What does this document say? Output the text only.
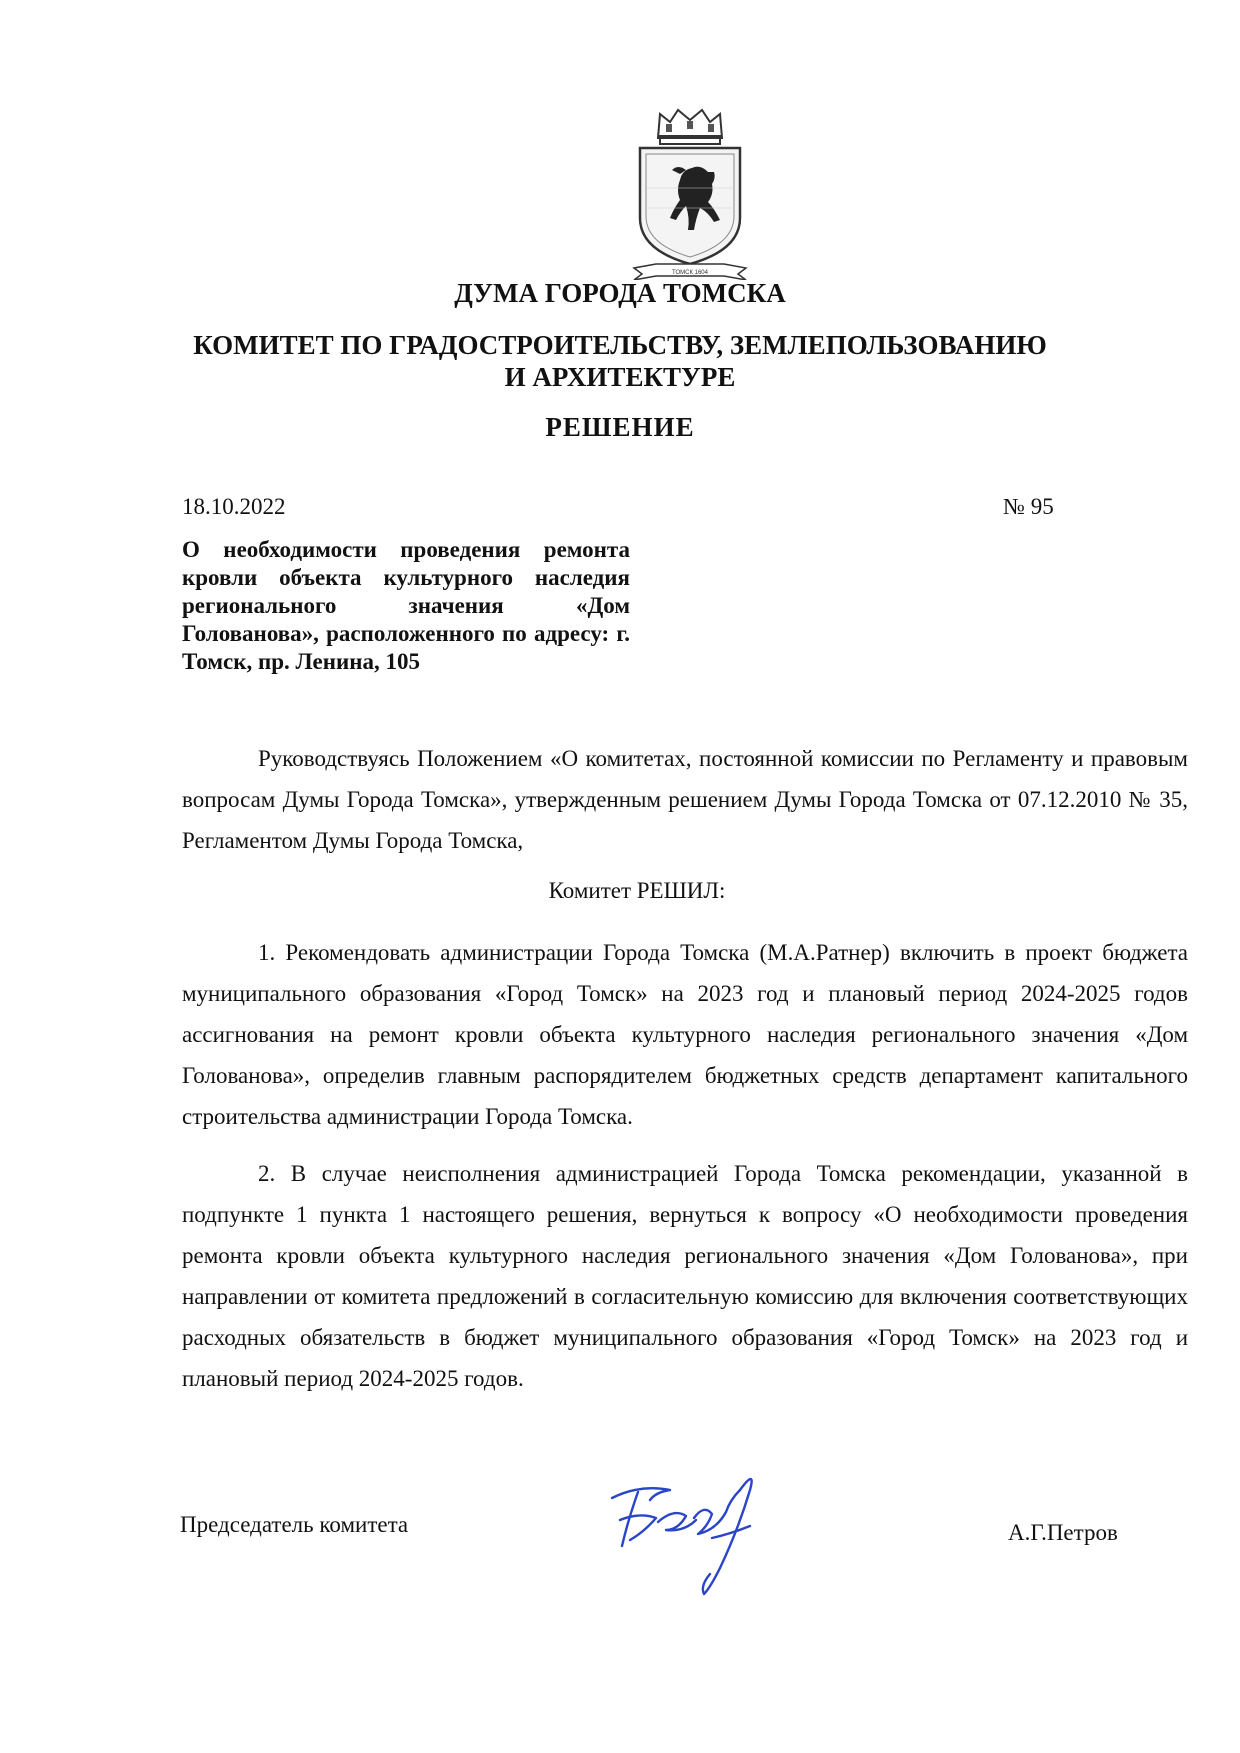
ТОМСК 1604
ДУМА ГОРОДА ТОМСКА
КОМИТЕТ ПО ГРАДОСТРОИТЕЛЬСТВУ, ЗЕМЛЕПОЛЬЗОВАНИЮ
И АРХИТЕКТУРЕ
РЕШЕНИЕ
18.10.2022	№ 95
О необходимости проведения ремонта кровли объекта культурного наследия регионального значения «Дом Голованова», расположенного по адресу: г. Томск, пр. Ленина, 105
Руководствуясь Положением «О комитетах, постоянной комиссии по Регламенту и правовым вопросам Думы Города Томска», утвержденным решением Думы Города Томска от 07.12.2010 № 35, Регламентом Думы Города Томска,
Комитет РЕШИЛ:
1. Рекомендовать администрации Города Томска (М.А.Ратнер) включить в проект бюджета муниципального образования «Город Томск» на 2023 год и плановый период 2024-2025 годов ассигнования на ремонт кровли объекта культурного наследия регионального значения «Дом Голованова», определив главным распорядителем бюджетных средств департамент капитального строительства администрации Города Томска.
2. В случае неисполнения администрацией Города Томска рекомендации, указанной в подпункте 1 пункта 1 настоящего решения, вернуться к вопросу «О необходимости проведения ремонта кровли объекта культурного наследия регионального значения «Дом Голованова», при направлении от комитета предложений в согласительную комиссию для включения соответствующих расходных обязательств в бюджет муниципального образования «Город Томск» на 2023 год и плановый период 2024-2025 годов.
Председатель комитета	А.Г.Петров
